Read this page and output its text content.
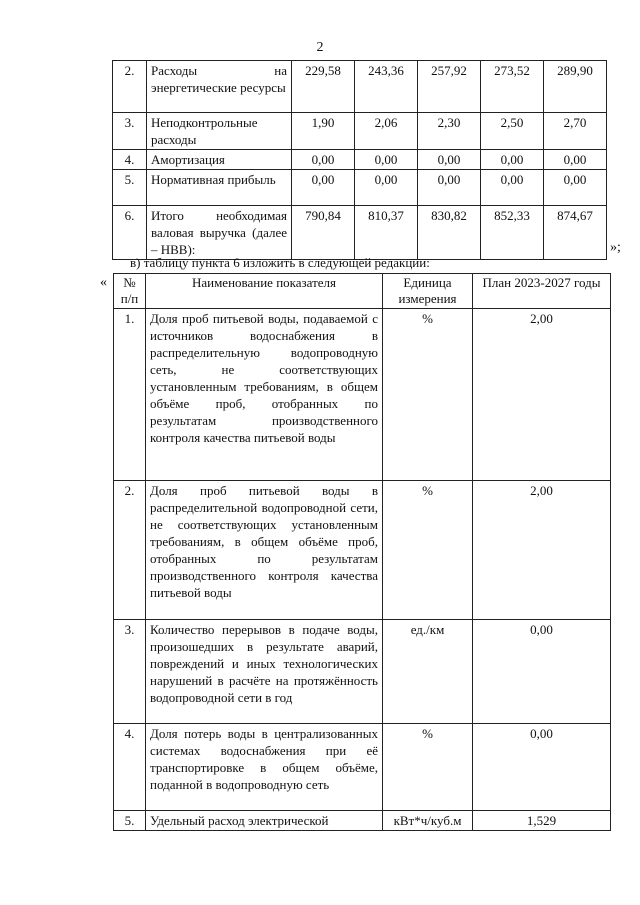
2
2.	Расходы на энергетические ресурсы	229,58	243,36	257,92	273,52	289,90
3.	Неподконтрольные расходы	1,90	2,06	2,30	2,50	2,70
4.	Амортизация	0,00	0,00	0,00	0,00	0,00
5.	Нормативная прибыль	0,00	0,00	0,00	0,00	0,00
6.	Итого необходимая валовая выручка (далее – НВВ):	790,84	810,37	830,82	852,33	874,67
»;
в) таблицу пункта 6 изложить в следующей редакции:
« № п/п	Наименование показателя	Единица измерения	План 2023-2027 годы
1.	Доля проб питьевой воды, подаваемой с источников водоснабжения в распределительную водопроводную сеть, не соответствующих установленным требованиям, в общем объёме проб, отобранных по результатам производственного контроля качества питьевой воды	%	2,00
2.	Доля проб питьевой воды в распределительной водопроводной сети, не соответствующих установленным требованиям, в общем объёме проб, отобранных по результатам производственного контроля качества питьевой воды	%	2,00
3.	Количество перерывов в подаче воды, произошедших в результате аварий, повреждений и иных технологических нарушений в расчёте на протяжённость водопроводной сети в год	ед./км	0,00
4.	Доля потерь воды в централизованных системах водоснабжения при её транспортировке в общем объёме, поданной в водопроводную сеть	%	0,00
5.	Удельный расход электрической	кВт*ч/куб.м	1,529
